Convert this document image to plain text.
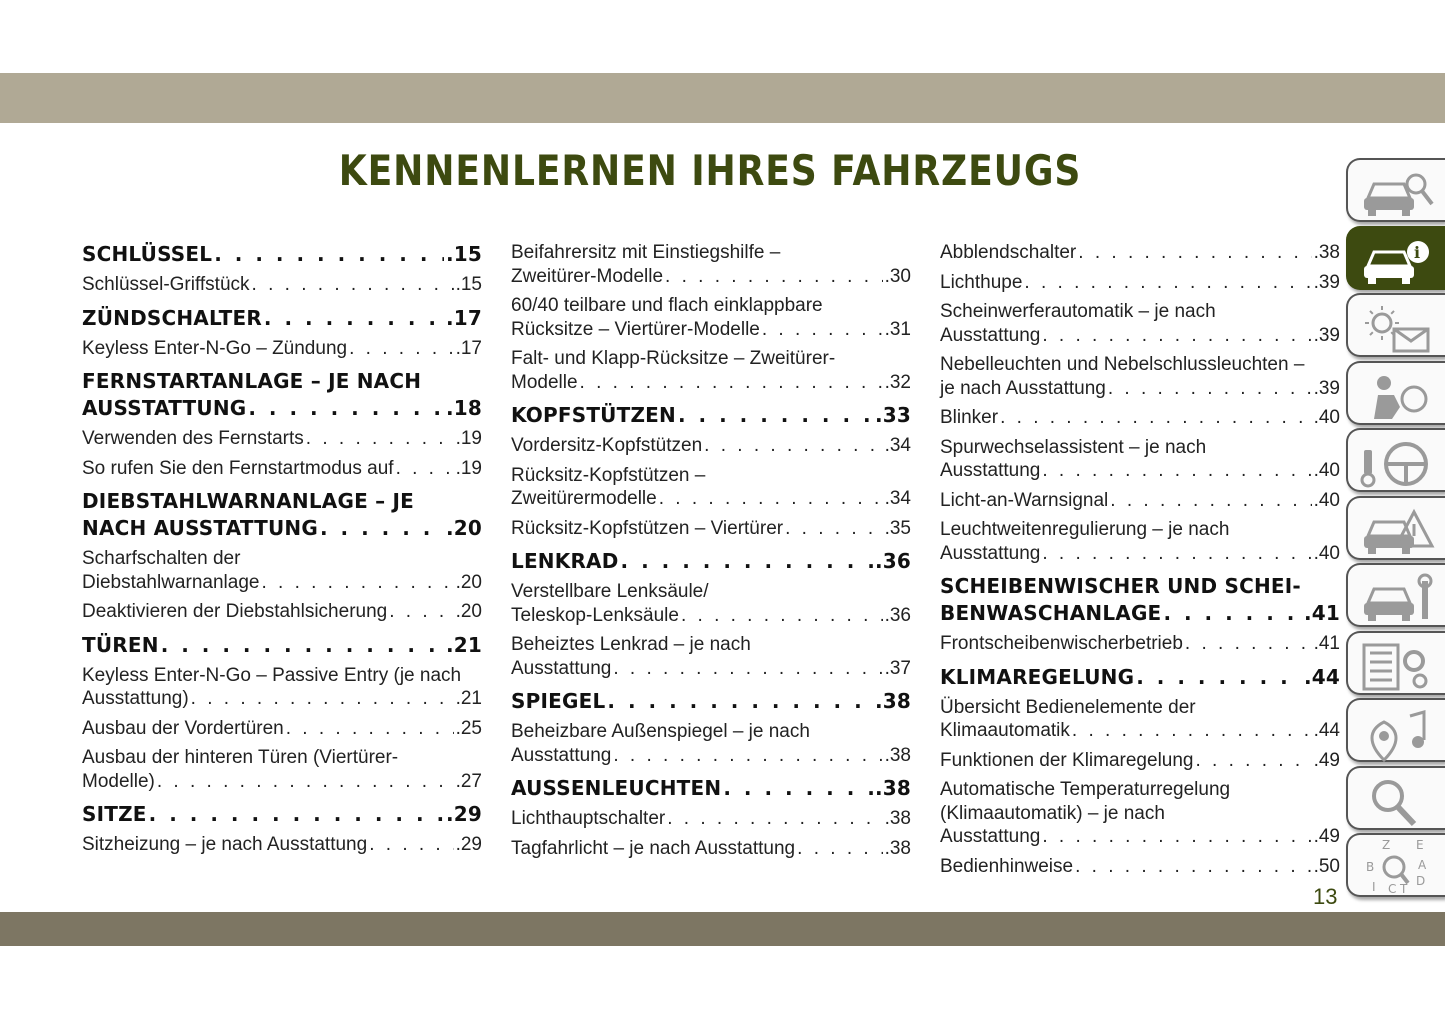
KENNENLERNEN IHRES FAHRZEUGS
SCHLÜSSEL . . .	.15
Schlüssel-Griffstück . . .	.15
ZÜNDSCHALTER . . .	.17
Keyless Enter-N-Go – Zündung . . .	.17
FERNSTARTANLAGE – JE NACH
AUSSTATTUNG . . .	.18
Verwenden des Fernstarts . . .	.19
So rufen Sie den Fernstartmodus auf . . .	.19
DIEBSTAHLWARNANLAGE – JE
NACH AUSSTATTUNG . . .	.20
Scharfschalten der
Diebstahlwarnanlage . . .	.20
Deaktivieren der Diebstahlsicherung . . .	.20
TÜREN . . .	.21
Keyless Enter-N-Go – Passive Entry (je nach
Ausstattung) . . .	.21
Ausbau der Vordertüren . . .	.25
Ausbau der hinteren Türen (Viertürer-
Modelle) . . .	.27
SITZE . . .	.29
Sitzheizung – je nach Ausstattung . . .	.29
Beifahrersitz mit Einstiegshilfe –
Zweitürer-Modelle . . .	.30
60/40 teilbare und flach einklappbare
Rücksitze – Viertürer-Modelle . . .	.31
Falt- und Klapp-Rücksitze – Zweitürer-
Modelle . . .	.32
KOPFSTÜTZEN . . .	.33
Vordersitz-Kopfstützen . . .	.34
Rücksitz-Kopfstützen –
Zweitürermodelle . . .	.34
Rücksitz-Kopfstützen – Viertürer . . .	.35
LENKRAD . . .	.36
Verstellbare Lenksäule/
Teleskop-Lenksäule . . .	.36
Beheiztes Lenkrad – je nach
Ausstattung . . .	.37
SPIEGEL . . .	.38
Beheizbare Außenspiegel – je nach
Ausstattung . . .	.38
AUSSENLEUCHTEN . . .	.38
Lichthauptschalter . . .	.38
Tagfahrlicht – je nach Ausstattung . . .	.38
Abblendschalter . . .	.38
Lichthupe . . .	.39
Scheinwerferautomatik – je nach
Ausstattung . . .	.39
Nebelleuchten und Nebelschlussleuchten –
je nach Ausstattung . . .	.39
Blinker . . .	.40
Spurwechselassistent – je nach
Ausstattung . . .	.40
Licht-an-Warnsignal . . .	.40
Leuchtweitenregulierung – je nach
Ausstattung . . .	.40
SCHEIBENWISCHER UND SCHEI-
BENWASCHANLAGE . . .	.41
Frontscheibenwischerbetrieb . . .	.41
KLIMAREGELUNG . . .	.44
Übersicht Bedienelemente der
Klimaautomatik . . .	.44
Funktionen der Klimaregelung . . .	.49
Automatische Temperaturregelung
(Klimaautomatik) – je nach
Ausstattung . . .	.49
Bedienhinweise . . .	.50
i
Z E
B	A
I C T
D
13
